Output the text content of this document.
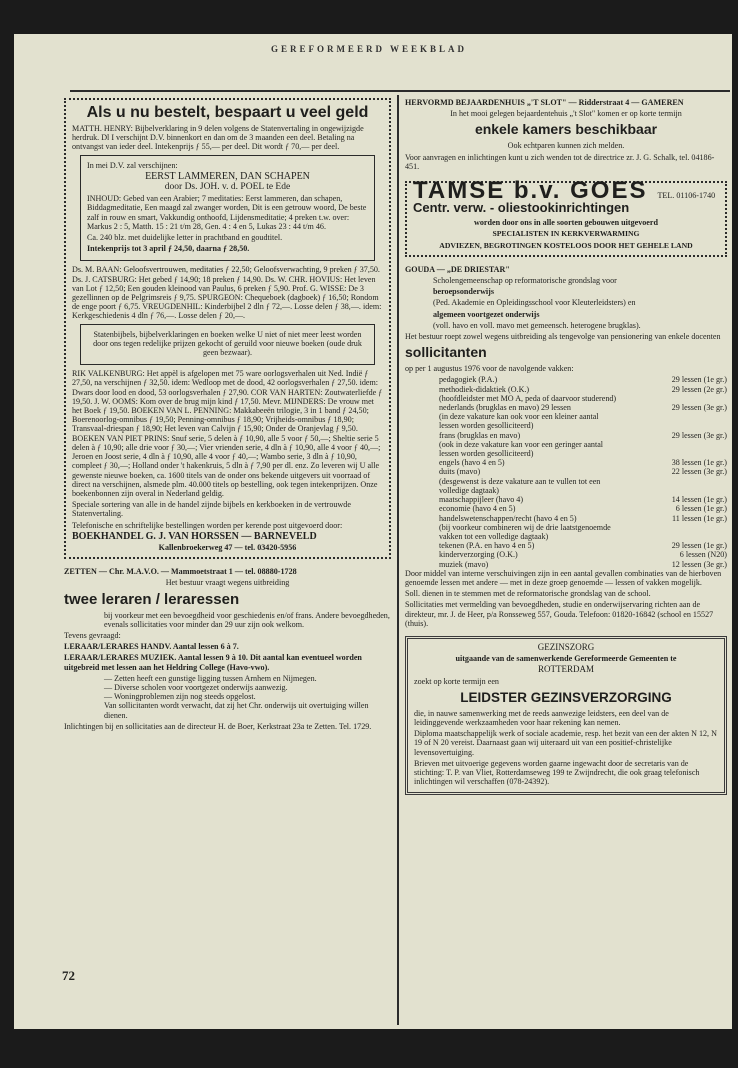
GEREFORMEERD WEEKBLAD

Als u nu bestelt, bespaart u veel geld

MATTH. HENRY: Bijbelverklaring in 9 delen volgens de Statenvertaling in ongewijzigde herdruk. Dl I verschijnt D.V. binnenkort en dan om de 3 maanden een deel. Betaling na ontvangst van ieder deel. Intekenprijs ƒ 55,— per deel. Dit wordt ƒ 70,— per deel.

In mei D.V. zal verschijnen:

EERST LAMMEREN, DAN SCHAPEN

door Ds. JOH. v. d. POEL te Ede

INHOUD: Gebed van een Arabier; 7 meditaties: Eerst lammeren, dan schapen, Biddagmeditatie, Een maagd zal zwanger worden, Dit is een getrouw woord, De beste zalf in rouw en smart, Vakkundig onthoofd, Lijdensmeditatie; 4 preken t.w. over: Markus 2 : 5, Matth. 15 : 21 t/m 28, Gen. 4 : 4 en 5, Lukas 23 : 44 t/m 46.

Ca. 240 blz. met duidelijke letter in prachtband en goudtitel.

Intekenprijs tot 3 april ƒ 24,50, daarna ƒ 28,50.

Ds. M. BAAN: Geloofsvertrouwen, meditaties ƒ 22,50; Geloofsverwachting, 9 preken ƒ 37,50. Ds. J. CATSBURG: Het gebed ƒ 14,90; 18 preken ƒ 14,90. Ds. W. CHR. HOVIUS: Het leven van Lot ƒ 12,50; Een gouden kleinood van Paulus, 6 preken ƒ 5,90. Prof. G. WISSE: De 3 gezellinnen op de Pelgrimsreis ƒ 9,75. SPURGEON: Chequeboek (dagboek) ƒ 16,50; Rondom de enge poort ƒ 6,75. VREUGDENHIL: Kinderbijbel 2 dln ƒ 72,—. Losse delen ƒ 38,—. idem: Kerkgeschiedenis 4 dln ƒ 76,—. Losse delen ƒ 20,—.

Statenbijbels, bijbelverklaringen en boeken welke U niet of niet meer leest worden door ons tegen redelijke prijzen gekocht of geruild voor nieuwe boeken (oude druk geen bezwaar).

RIK VALKENBURG: Het appèl is afgelopen met 75 ware oorlogsverhalen uit Ned. Indië ƒ 27,50, na verschijnen ƒ 32,50. idem: Wedloop met de dood, 42 oorlogsverhalen ƒ 27,50. idem: Dwars door lood en dood, 53 oorlogsverhalen ƒ 27,90. COR VAN HARTEN: Zoutwaterliefde ƒ 19,50. J. W. OOMS: Kom over de brug mijn kind ƒ 17,50. Mevr. MIJNDERS: De vrouw met het Boek ƒ 19,50. BOEKEN VAN L. PENNING: Makkabeeën trilogie, 3 in 1 band ƒ 24,50; Boerenoorlog-omnibus ƒ 19,50; Penning-omnibus ƒ 18,90; Vrijheids-omnibus ƒ 18,90; Transvaal-driespan ƒ 18,90; Het leven van Calvijn ƒ 15,90; Onder de Oranjevlag ƒ 9,50. BOEKEN VAN PIET PRINS: Snuf serie, 5 delen à ƒ 10,90, alle 5 voor ƒ 50,—; Sheltie serie 5 delen à ƒ 10,90; alle drie voor ƒ 30,—; Vier vrienden serie, 4 dln à ƒ 10,90, alle 4 voor ƒ 40,—; Jeroen en Joost serie, 4 dln à ƒ 10,90, alle 4 voor ƒ 40,—; Wambo serie, 3 dln à ƒ 10,90, compleet ƒ 30,—; Holland onder 't hakenkruis, 5 dln à ƒ 7,90 per dl. enz. Zo leveren wij U alle gewenste nieuwe boeken, ca. 1600 titels van de onder ons bekende uitgevers uit voorraad of direct na verschijnen, alsmede plm. 40.000 titels op bestelling, ook tegen intekenprijzen. Onze boekenbonnen zijn overal in Nederland geldig.

Speciale sortering van alle in de handel zijnde bijbels en kerkboeken in de vertrouwde Statenvertaling.

Telefonische en schriftelijke bestellingen worden per kerende post uitgevoerd door:

BOEKHANDEL G. J. VAN HORSSEN — BARNEVELD

Kallenbroekerweg 47 — tel. 03420-5956

ZETTEN — Chr. M.A.V.O. — Mammoetstraat 1 — tel. 08880-1728

Het bestuur vraagt wegens uitbreiding

twee leraren / leraressen

bij voorkeur met een bevoegdheid voor geschiedenis en/of frans. Andere bevoegdheden, evenals sollicitaties voor minder dan 29 uur zijn ook welkom.

Tevens gevraagd:

LERAAR/LERARES HANDV. Aantal lessen 6 à 7.

LERAAR/LERARES MUZIEK. Aantal lessen 9 à 10. Dit aantal kan eventueel worden uitgebreid met lessen aan het Heldring College (Havo-vwo).

— Zetten heeft een gunstige ligging tussen Arnhem en Nijmegen.
— Diverse scholen voor voortgezet onderwijs aanwezig.
— Woningproblemen zijn nog steeds opgelost.

Van sollicitanten wordt verwacht, dat zij het Chr. onderwijs uit overtuiging willen dienen.

Inlichtingen bij en sollicitaties aan de directeur H. de Boer, Kerkstraat 23a te Zetten. Tel. 1729.

HERVORMD BEJAARDENHUIS „'T SLOT" — Ridderstraat 4 — GAMEREN

In het mooi gelegen bejaardentehuis „'t Slot" komen er op korte termijn

enkele kamers beschikbaar

Ook echtparen kunnen zich melden.

Voor aanvragen en inlichtingen kunt u zich wenden tot de directrice zr. J. G. Schalk, tel. 04186-451.

TAMSE b.v. GOES TEL. 01106-1740

Centr. verw. - oliestookinrichtingen

worden door ons in alle soorten gebouwen uitgevoerd

SPECIALISTEN IN KERKVERWARMING

ADVIEZEN, BEGROTINGEN KOSTELOOS DOOR HET GEHELE LAND

GOUDA — „DE DRIESTAR"

Scholengemeenschap op reformatorische grondslag voor

beroepsonderwijs

(Ped. Akademie en Opleidingsschool voor Kleuterleidsters) en

algemeen voortgezet onderwijs

(voll. havo en voll. mavo met gemeensch. heterogene brugklas).

Het bestuur roept zowel wegens uitbreiding als tengevolge van pensionering van enkele docenten

sollicitanten

op per 1 augustus 1976 voor de navolgende vakken:

pedagogiek (P.A.)	29 lessen (1e gr.)
methodiek-didaktiek (O.K.)	29 lessen (2e gr.)
(hoofdleidster met MO A, peda of daarvoor studerend)
nederlands (brugklas en mavo) 29 lessen	29 lessen (3e gr.)
(in deze vakature kan ook voor een kleiner aantal lessen worden gesolliciteerd)
frans (brugklas en mavo)	29 lessen (3e gr.)
(ook in deze vakature kan voor een geringer aantal lessen worden gesolliciteerd)
engels (havo 4 en 5)	38 lessen (1e gr.)
duits (mavo)	22 lessen (3e gr.)
(desgewenst is deze vakature aan te vullen tot een volledige dagtaak)
maatschappijleer (havo 4)	14 lessen (1e gr.)
economie (havo 4 en 5)	6 lessen (1e gr.)
handelswetenschappen/recht (havo 4 en 5)	11 lessen (1e gr.)
(bij voorkeur combineren wij de drie laatstgenoemde vakken tot een volledige dagtaak)
tekenen (P.A. en havo 4 en 5)	29 lessen (1e gr.)
kinderverzorging (O.K.)	6 lessen (N20)
muziek (mavo)	12 lessen (3e gr.)

Door middel van interne verschuivingen zijn in een aantal gevallen combinaties van de hierboven genoemde lessen met andere — met in deze groep genoemde — lessen of vakken mogelijk.

Soll. dienen in te stemmen met de reformatorische grondslag van de school.

Sollicitaties met vermelding van bevoegdheden, studie en onderwijservaring richten aan de direkteur, mr. J. de Heer, p/a Ronsseweg 557, Gouda. Telefoon: 01820-16842 (school en 15527 (thuis).

GEZINSZORG

uitgaande van de samenwerkende Gereformeerde Gemeenten te

ROTTERDAM

zoekt op korte termijn een

LEIDSTER GEZINSVERZORGING

die, in nauwe samenwerking met de reeds aanwezige leidsters, een deel van de leidinggevende werkzaamheden voor haar rekening kan nemen.

Diploma maatschappelijk werk of sociale academie, resp. het bezit van een der akten N 12, N 19 of N 20 vereist. Daarnaast gaan wij uiteraard uit van een positief-christelijke levensovertuiging.

Brieven met uitvoerige gegevens worden gaarne ingewacht door de secretaris van de stichting: T. P. van Vliet, Rotterdamseweg 199 te Zwijndrecht, die ook graag telefonisch inlichtingen wil verschaffen (078-24392).

72
